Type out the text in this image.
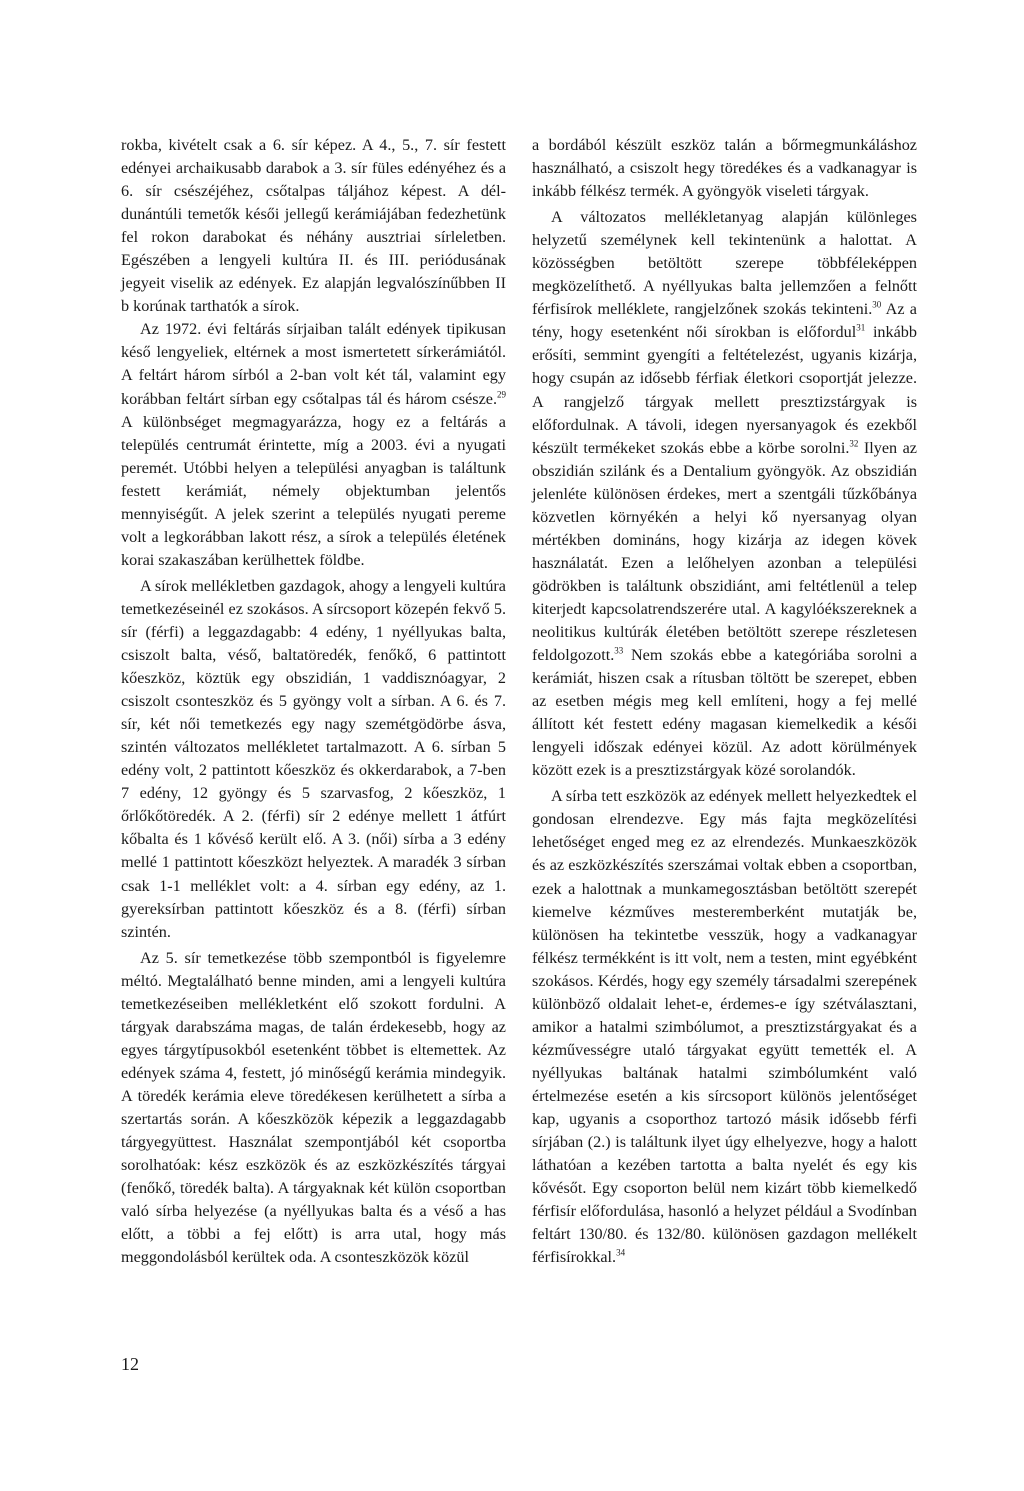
rokba, kivételt csak a 6. sír képez. A 4., 5., 7. sír festett edényei archaikusabb darabok a 3. sír füles edényéhez és a 6. sír csészéjéhez, csőtalpas táljához képest. A dél-dunántúli temetők késői jellegű kerámiájában fedezhetünk fel rokon darabokat és néhány ausztriai sírleletben. Egészében a lengyeli kultúra II. és III. periódusának jegyeit viselik az edények. Ez alapján legvalószínűbben II b korúnak tarthatók a sírok.

Az 1972. évi feltárás sírjaiban talált edények tipikusan késő lengyeliek, eltérnek a most ismertetett sírkerámiától. A feltárt három sírból a 2-ban volt két tál, valamint egy korábban feltárt sírban egy csőtalpas tál és három csésze.$^{29}$ A különbséget megmagyarázza, hogy ez a feltárás a település centrumát érintette, míg a 2003. évi a nyugati peremét. Utóbbi helyen a települési anyagban is találtunk festett kerámiát, némely objektumban jelentős mennyiségűt. A jelek szerint a település nyugati pereme volt a legkorábban lakott rész, a sírok a település életének korai szakaszában kerülhettek földbe.

A sírok mellékletben gazdagok, ahogy a lengyeli kultúra temetkezéseinél ez szokásos. A sírcsoport közepén fekvő 5. sír (férfi) a leggazdagabb: 4 edény, 1 nyéllyukas balta, csiszolt balta, véső, baltatöredék, fenőkő, 6 pattintott kőeszköz, köztük egy obszidián, 1 vaddisznóagyar, 2 csiszolt csonteszköz és 5 gyöngy volt a sírban. A 6. és 7. sír, két női temetkezés egy nagy szemétgödörbe ásva, szintén változatos mellékletet tartalmazott. A 6. sírban 5 edény volt, 2 pattintott kőeszköz és okkerdarabok, a 7-ben 7 edény, 12 gyöngy és 5 szarvasfog, 2 kőeszköz, 1 őrlőkőtöredék. A 2. (férfi) sír 2 edénye mellett 1 átfúrt kőbalta és 1 kővéső került elő. A 3. (női) sírba a 3 edény mellé 1 pattintott kőeszközt helyeztek. A maradék 3 sírban csak 1-1 melléklet volt: a 4. sírban egy edény, az 1. gyereksírban pattintott kőeszköz és a 8. (férfi) sírban szintén.

Az 5. sír temetkezése több szempontból is figyelemre méltó. Megtalálható benne minden, ami a lengyeli kultúra temetkezéseiben mellékletként elő szokott fordulni. A tárgyak darabszáma magas, de talán érdekesebb, hogy az egyes tárgytípusokból esetenként többet is eltemettek. Az edények száma 4, festett, jó minőségű kerámia mindegyik. A töredék kerámia eleve töredékesen kerülhetett a sírba a szertartás során. A kőeszközök képezik a leggazdagabb tárgyegyüttest. Használat szempontjából két csoportba sorolhatóak: kész eszközök és az eszközkészítés tárgyai (fenőkő, töredék balta). A tárgyaknak két külön csoportban való sírba helyezése (a nyéllyukas balta és a véső a has előtt, a többi a fej előtt) is arra utal, hogy más meggondolásból kerültek oda. A csonteszközök közül

a bordából készült eszköz talán a bőrmegmunkáláshoz használható, a csiszolt hegy töredékes és a vadkanagyar is inkább félkész termék. A gyöngyök viseleti tárgyak.

A változatos mellékletanyag alapján különleges helyzetű személynek kell tekintenünk a halottat. A közösségben betöltött szerepe többféleképpen megközelíthető. A nyéllyukas balta jellemzően a felnőtt férfisírok melléklete, rangjelzőnek szokás tekinteni.$^{30}$ Az a tény, hogy esetenként női sírokban is előfordul$^{31}$ inkább erősíti, semmint gyengíti a feltételezést, ugyanis kizárja, hogy csupán az idősebb férfiak életkori csoportját jelezze. A rangjelző tárgyak mellett presztizstárgyak is előfordulnak. A távoli, idegen nyersanyagok és ezekből készült termékeket szokás ebbe a körbe sorolni.$^{32}$ Ilyen az obszidián szilánk és a Dentalium gyöngyök. Az obszidián jelenléte különösen érdekes, mert a szentgáli tűzkőbánya közvetlen környékén a helyi kő nyersanyag olyan mértékben domináns, hogy kizárja az idegen kövek használatát. Ezen a lelőhelyen azonban a települési gödrökben is találtunk obszidiánt, ami feltétlenül a telep kiterjedt kapcsolatrendszerére utal. A kagylóékszereknek a neolitikus kultúrák életében betöltött szerepe részletesen feldolgozott.$^{33}$ Nem szokás ebbe a kategóriába sorolni a kerámiát, hiszen csak a rítusban töltött be szerepet, ebben az esetben mégis meg kell említeni, hogy a fej mellé állított két festett edény magasan kiemelkedik a késői lengyeli időszak edényei közül. Az adott körülmények között ezek is a presztizstárgyak közé sorolandók.

A sírba tett eszközök az edények mellett helyezkedtek el gondosan elrendezve. Egy más fajta megközelítési lehetőséget enged meg ez az elrendezés. Munkaeszközök és az eszközkészítés szerszámai voltak ebben a csoportban, ezek a halottnak a munkamegosztásban betöltött szerepét kiemelve kézműves mesteremberként mutatják be, különösen ha tekintetbe vesszük, hogy a vadkanagyar félkész termékként is itt volt, nem a testen, mint egyébként szokásos. Kérdés, hogy egy személy társadalmi szerepének különböző oldalait lehet-e, érdemes-e így szétválasztani, amikor a hatalmi szimbólumot, a presztizstárgyakat és a kézművességre utaló tárgyakat együtt temették el. A nyéllyukas baltának hatalmi szimbólumként való értelmezése esetén a kis sírcsoport különös jelentőséget kap, ugyanis a csoporthoz tartozó másik idősebb férfi sírjában (2.) is találtunk ilyet úgy elhelyezve, hogy a halott láthatóan a kezében tartotta a balta nyelét és egy kis kővésőt. Egy csoporton belül nem kizárt több kiemelkedő férfisír előfordulása, hasonló a helyzet például a Svodínban feltárt 130/80. és 132/80. különösen gazdagon mellékelt férfisírokkal.$^{34}$

12
